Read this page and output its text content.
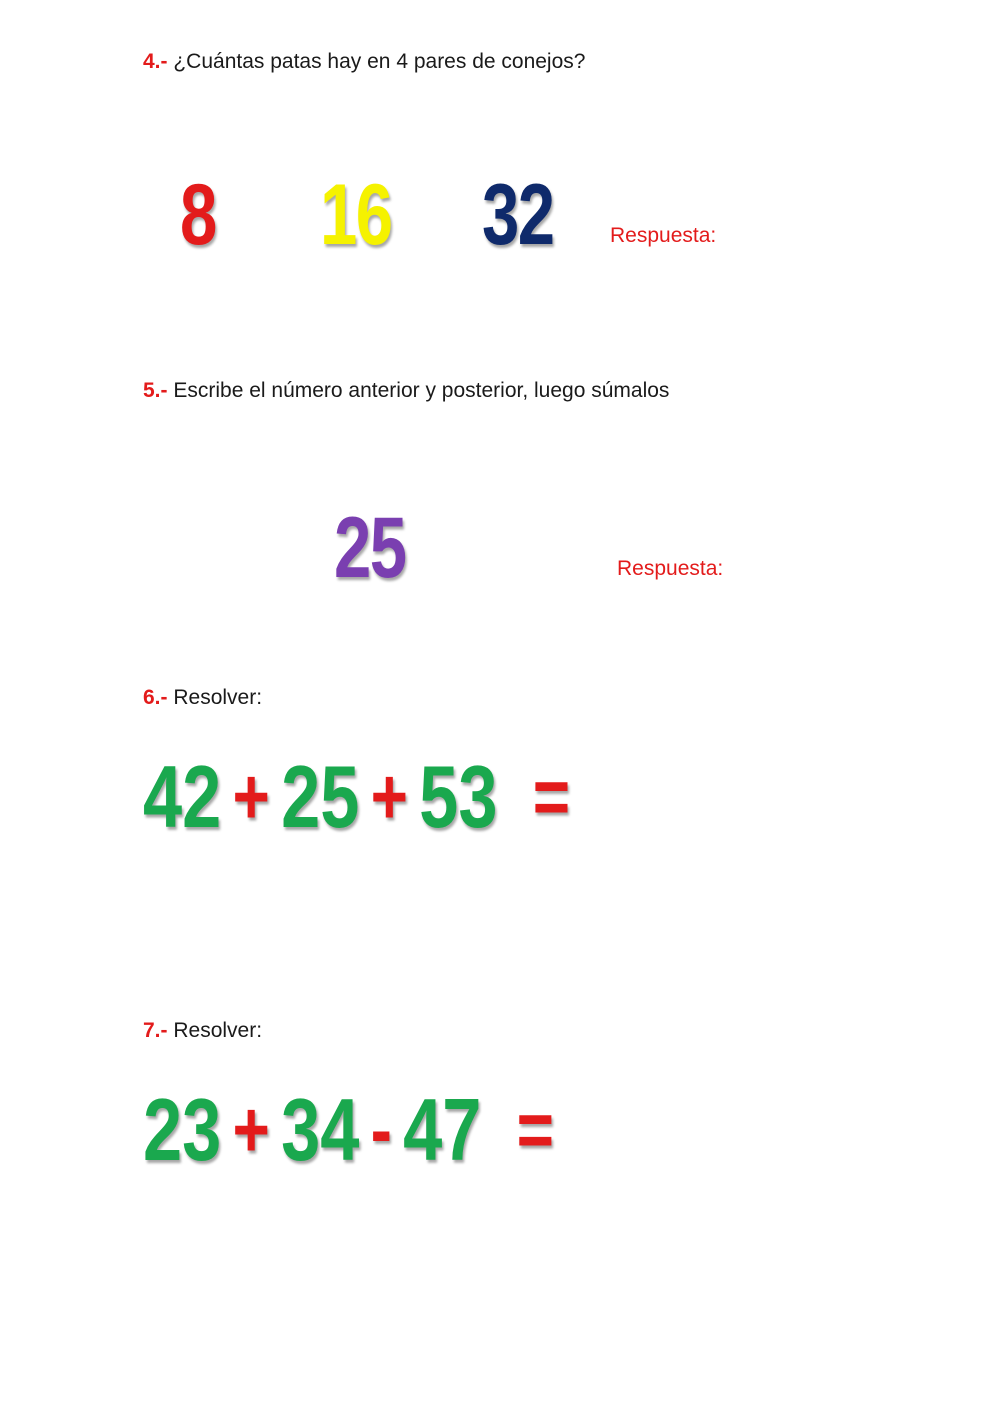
4.- ¿Cuántas patas hay en 4 pares de conejos?
8 16 32	Respuesta:
5.- Escribe el número anterior y posterior, luego súmalos
25	Respuesta:
6.- Resolver:
42 + 25 + 53 =
7.- Resolver:
23 + 34 - 47 =
